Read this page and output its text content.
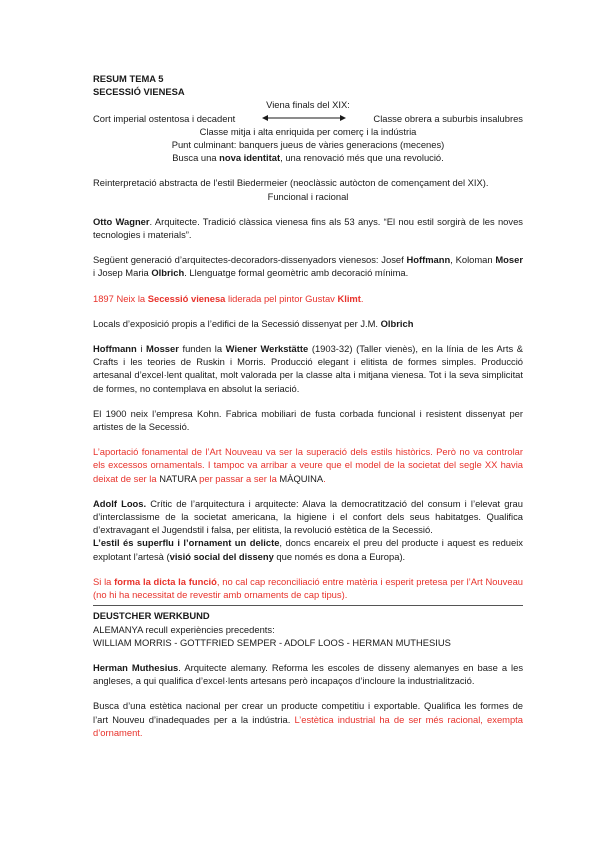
RESUM TEMA 5
SECESSIÓ VIENESA
Viena finals del XIX:
Cort imperial ostentosa i decadent	Classe obrera a suburbis insalubres
Classe mitja i alta enriquida per comerç i la indústria
Punt culminant: banquers jueus de vàries generacions (mecenes)
Busca una nova identitat, una renovació més que una revolució.
Reinterpretació abstracta de l’estil Biedermeier (neoclàssic autòcton de començament del XIX).
Funcional i racional

Otto Wagner. Arquitecte. Tradició clàssica vienesa fins als 53 anys. “El nou estil sorgirà de les noves tecnologies i materials”.

Següent generació d’arquitectes-decoradors-dissenyadors vienesos: Josef Hoffmann, Koloman Moser i Josep Maria Olbrich. Llenguatge formal geomètric amb decoració mínima.

1897 Neix la Secessió vienesa liderada pel pintor Gustav Klimt.

Locals d’exposició propis a l’edifici de la Secessió dissenyat per J.M. Olbrich

Hoffmann i Mosser funden la Wiener Werkstätte (1903-32) (Taller vienès), en la línia de les Arts & Crafts i les teories de Ruskin i Morris. Producció elegant i elitista de formes simples. Producció artesanal d’excel·lent qualitat, molt valorada per la classe alta i mitjana vienesa. Tot i la seva simplicitat de formes, no contemplava en absolut la seriació.

El 1900 neix l’empresa Kohn. Fabrica mobiliari de fusta corbada funcional i resistent dissenyat per artistes de la Secessió.

L’aportació fonamental de l’Art Nouveau va ser la superació dels estils històrics. Però no va controlar els excessos ornamentals. I tampoc va arribar a veure que el model de la societat del segle XX havia deixat de ser la NATURA per passar a ser la MÀQUINA.

Adolf Loos. Crític de l’arquitectura i arquitecte: Alava la democratització del consum i l’elevat grau d’interclassisme de la societat americana, la higiene i el confort dels seus habitatges. Qualifica d’extravagant el Jugendstil i falsa, per elitista, la revolució estètica de la Secessió.
L’estil és superflu i l’ornament un delicte, doncs encareix el preu del producte i aquest es redueix explotant l’artesà (visió social del disseny que només es dona a Europa).

Si la forma la dicta la funció, no cal cap reconciliació entre matèria i esperit pretesa per l’Art Nouveau (no hi ha necessitat de revestir amb ornaments de cap tipus).

DEUSTCHER WERKBUND
ALEMANYA recull experiències precedents:
WILLIAM MORRIS - GOTTFRIED SEMPER - ADOLF LOOS - HERMAN MUTHESIUS

Herman Muthesius. Arquitecte alemany. Reforma les escoles de disseny alemanyes en base a les angleses, a qui qualifica d’excel·lents artesans però incapaços d’incloure la industrialització.

Busca d’una estètica nacional per crear un producte competitiu i exportable. Qualifica les formes de l’art Nouveu d’inadequades per a la indústria. L’estètica industrial ha de ser més racional, exempta d’ornament.
